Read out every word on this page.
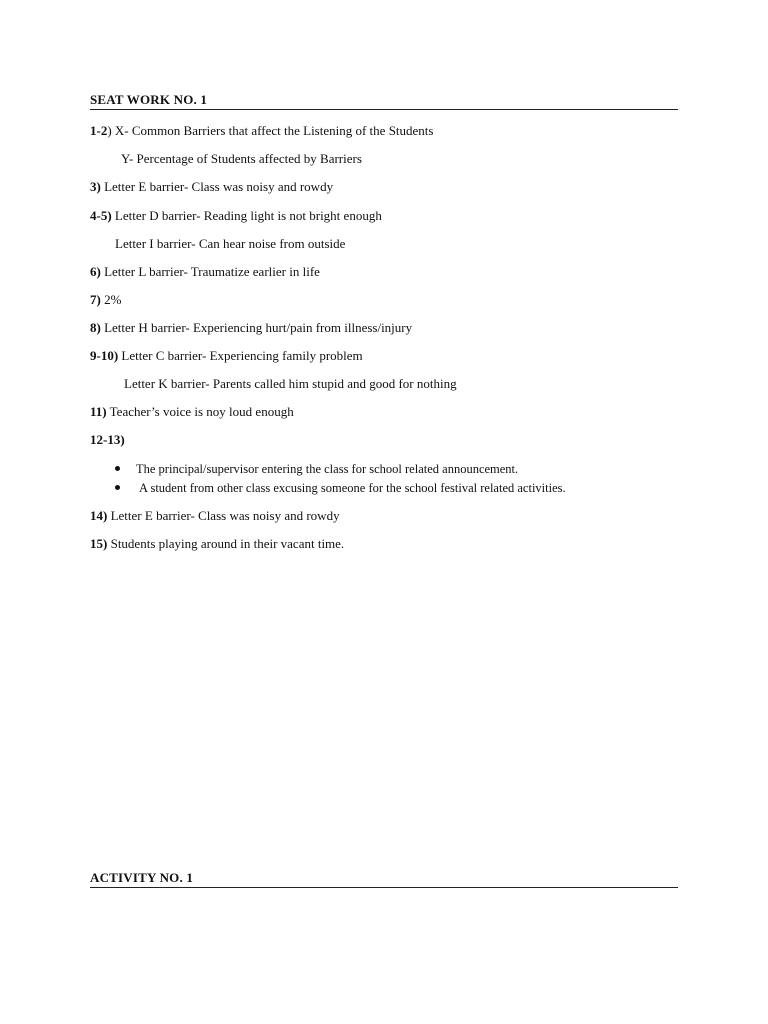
SEAT WORK NO. 1
1-2) X- Common Barriers that affect the Listening of the Students
Y- Percentage of Students affected by Barriers
3) Letter E barrier- Class was noisy and rowdy
4-5) Letter D barrier- Reading light is not bright enough
Letter I barrier- Can hear noise from outside
6) Letter L barrier- Traumatize earlier in life
7) 2%
8) Letter H barrier- Experiencing hurt/pain from illness/injury
9-10) Letter C barrier- Experiencing family problem
Letter K barrier- Parents called him stupid and good for nothing
11) Teacher’s voice is noy loud enough
12-13)
The principal/supervisor entering the class for school related announcement.
A student from other class excusing someone for the school festival related activities.
14) Letter E barrier- Class was noisy and rowdy
15) Students playing around in their vacant time.
ACTIVITY NO. 1
